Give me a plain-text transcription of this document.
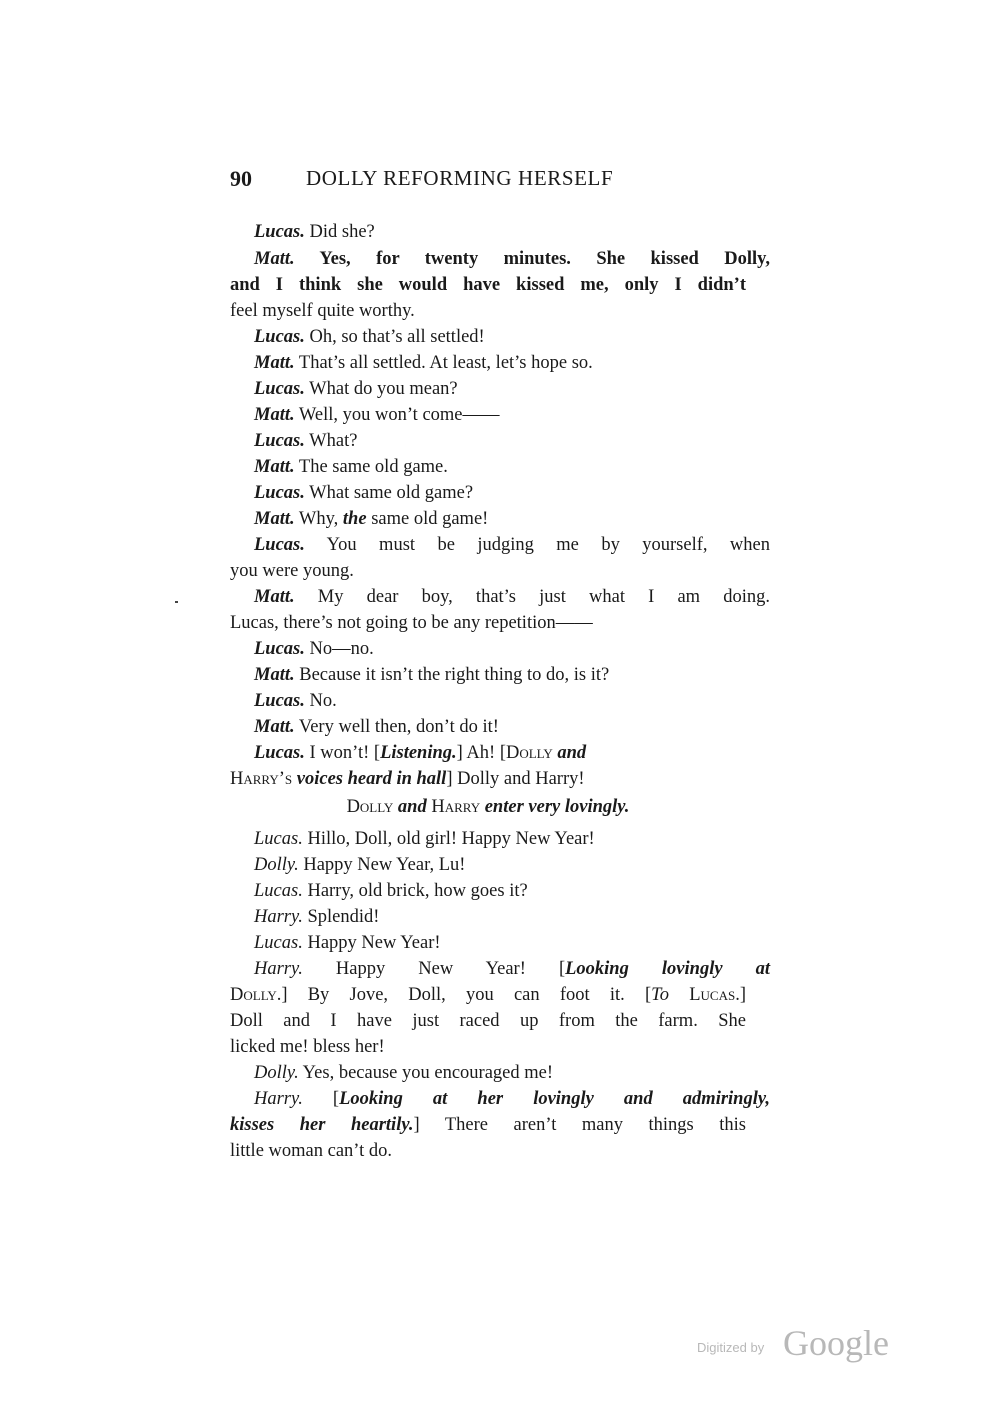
90	DOLLY REFORMING HERSELF
Lucas. Did she?
Matt. Yes, for twenty minutes. She kissed Dolly,
and I think she would have kissed me, only I didn’t
feel myself quite worthy.
Lucas. Oh, so that’s all settled!
Matt. That’s all settled. At least, let’s hope so.
Lucas. What do you mean?
Matt. Well, you won’t come——
Lucas. What?
Matt. The same old game.
Lucas. What same old game?
Matt. Why, the same old game!
Lucas. You must be judging me by yourself, when
you were young.
Matt. My dear boy, that’s just what I am doing.
Lucas, there’s not going to be any repetition——
Lucas. No—no.
Matt. Because it isn’t the right thing to do, is it?
Lucas. No.
Matt. Very well then, don’t do it!
Lucas. I won’t! [Listening.] Ah! [Dolly and
Harry’s voices heard in hall] Dolly and Harry!
Dolly and Harry enter very lovingly.
Lucas. Hillo, Doll, old girl! Happy New Year!
Dolly. Happy New Year, Lu!
Lucas. Harry, old brick, how goes it?
Harry. Splendid!
Lucas. Happy New Year!
Harry. Happy New Year! [Looking lovingly at
Dolly.] By Jove, Doll, you can foot it. [To Lucas.]
Doll and I have just raced up from the farm. She
licked me! bless her!
Dolly. Yes, because you encouraged me!
Harry. [Looking at her lovingly and admiringly,
kisses her heartily.] There aren’t many things this
little woman can’t do.
Digitized by Google
